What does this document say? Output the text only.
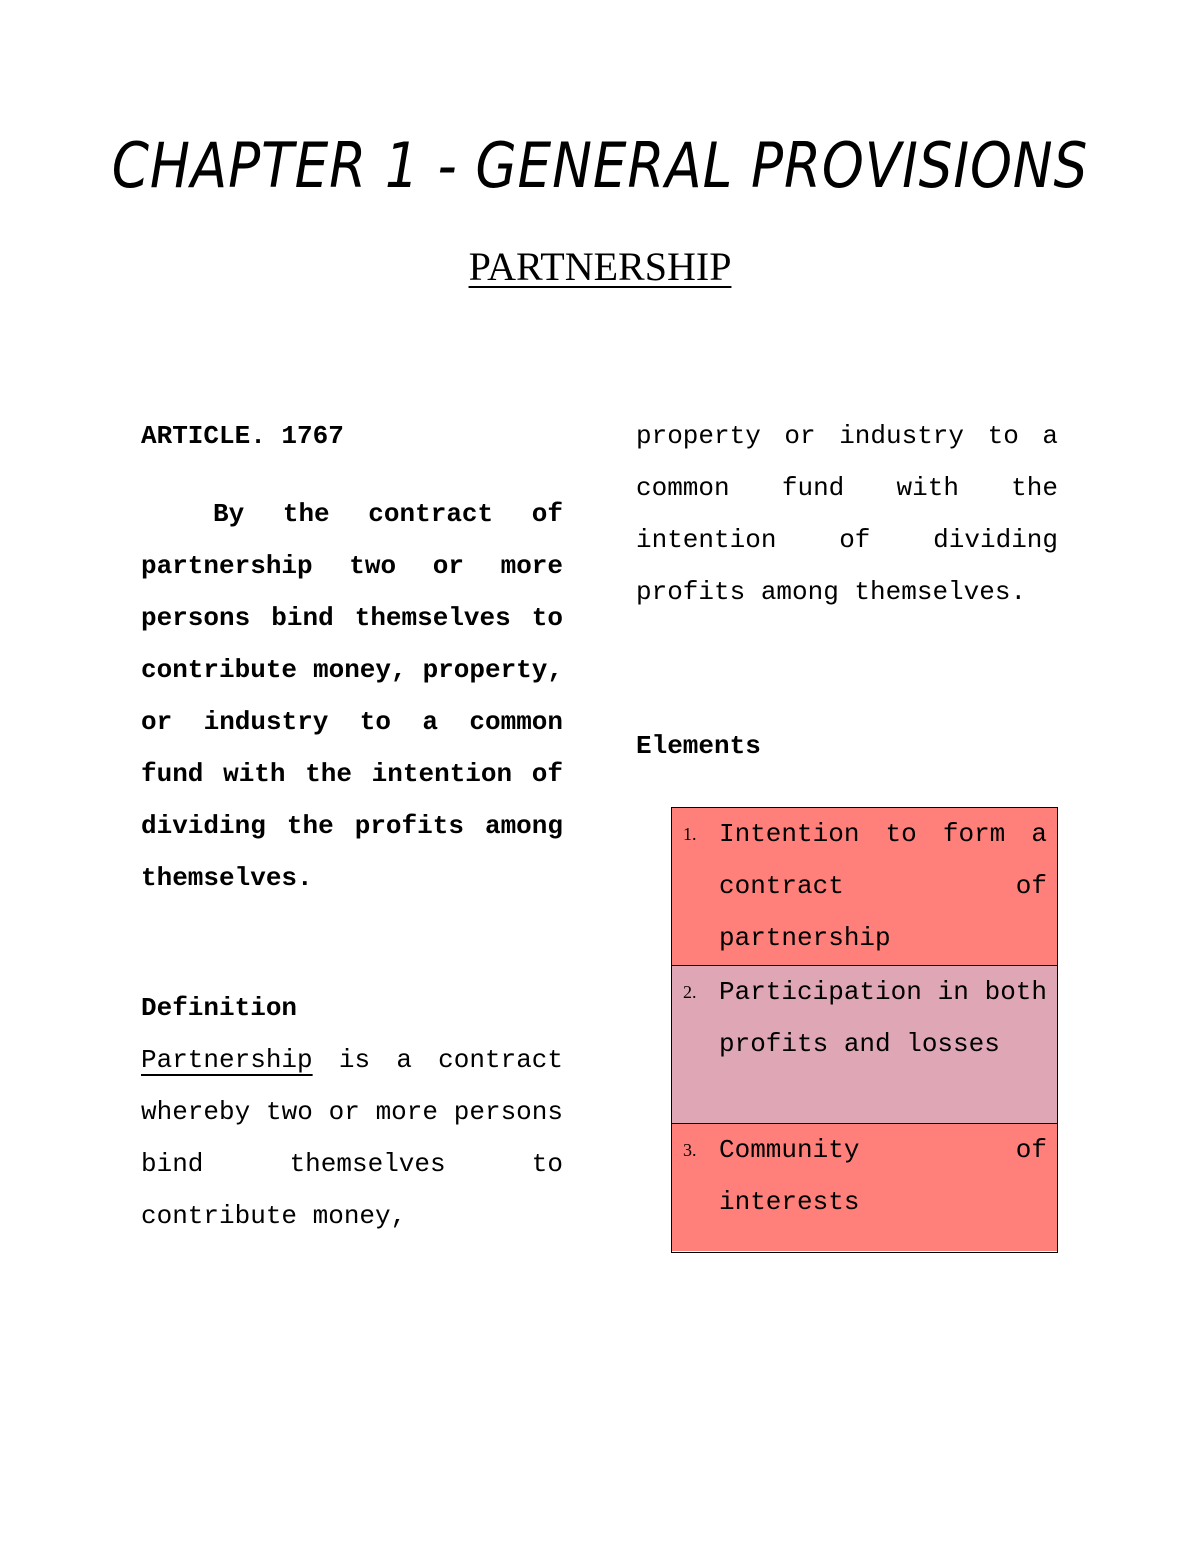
CHAPTER 1 - GENERAL PROVISIONS
PARTNERSHIP
ARTICLE. 1767
By the contract of partnership two or more persons bind themselves to contribute money, property, or industry to a common fund with the intention of dividing the profits among themselves.
Definition
Partnership is a contract whereby two or more persons bind themselves to contribute money,
property or industry to a common fund with the intention of dividing profits among themselves.
Elements
1. Intention to form a contract of partnership
2. Participation in both profits and losses
3. Community of interests
